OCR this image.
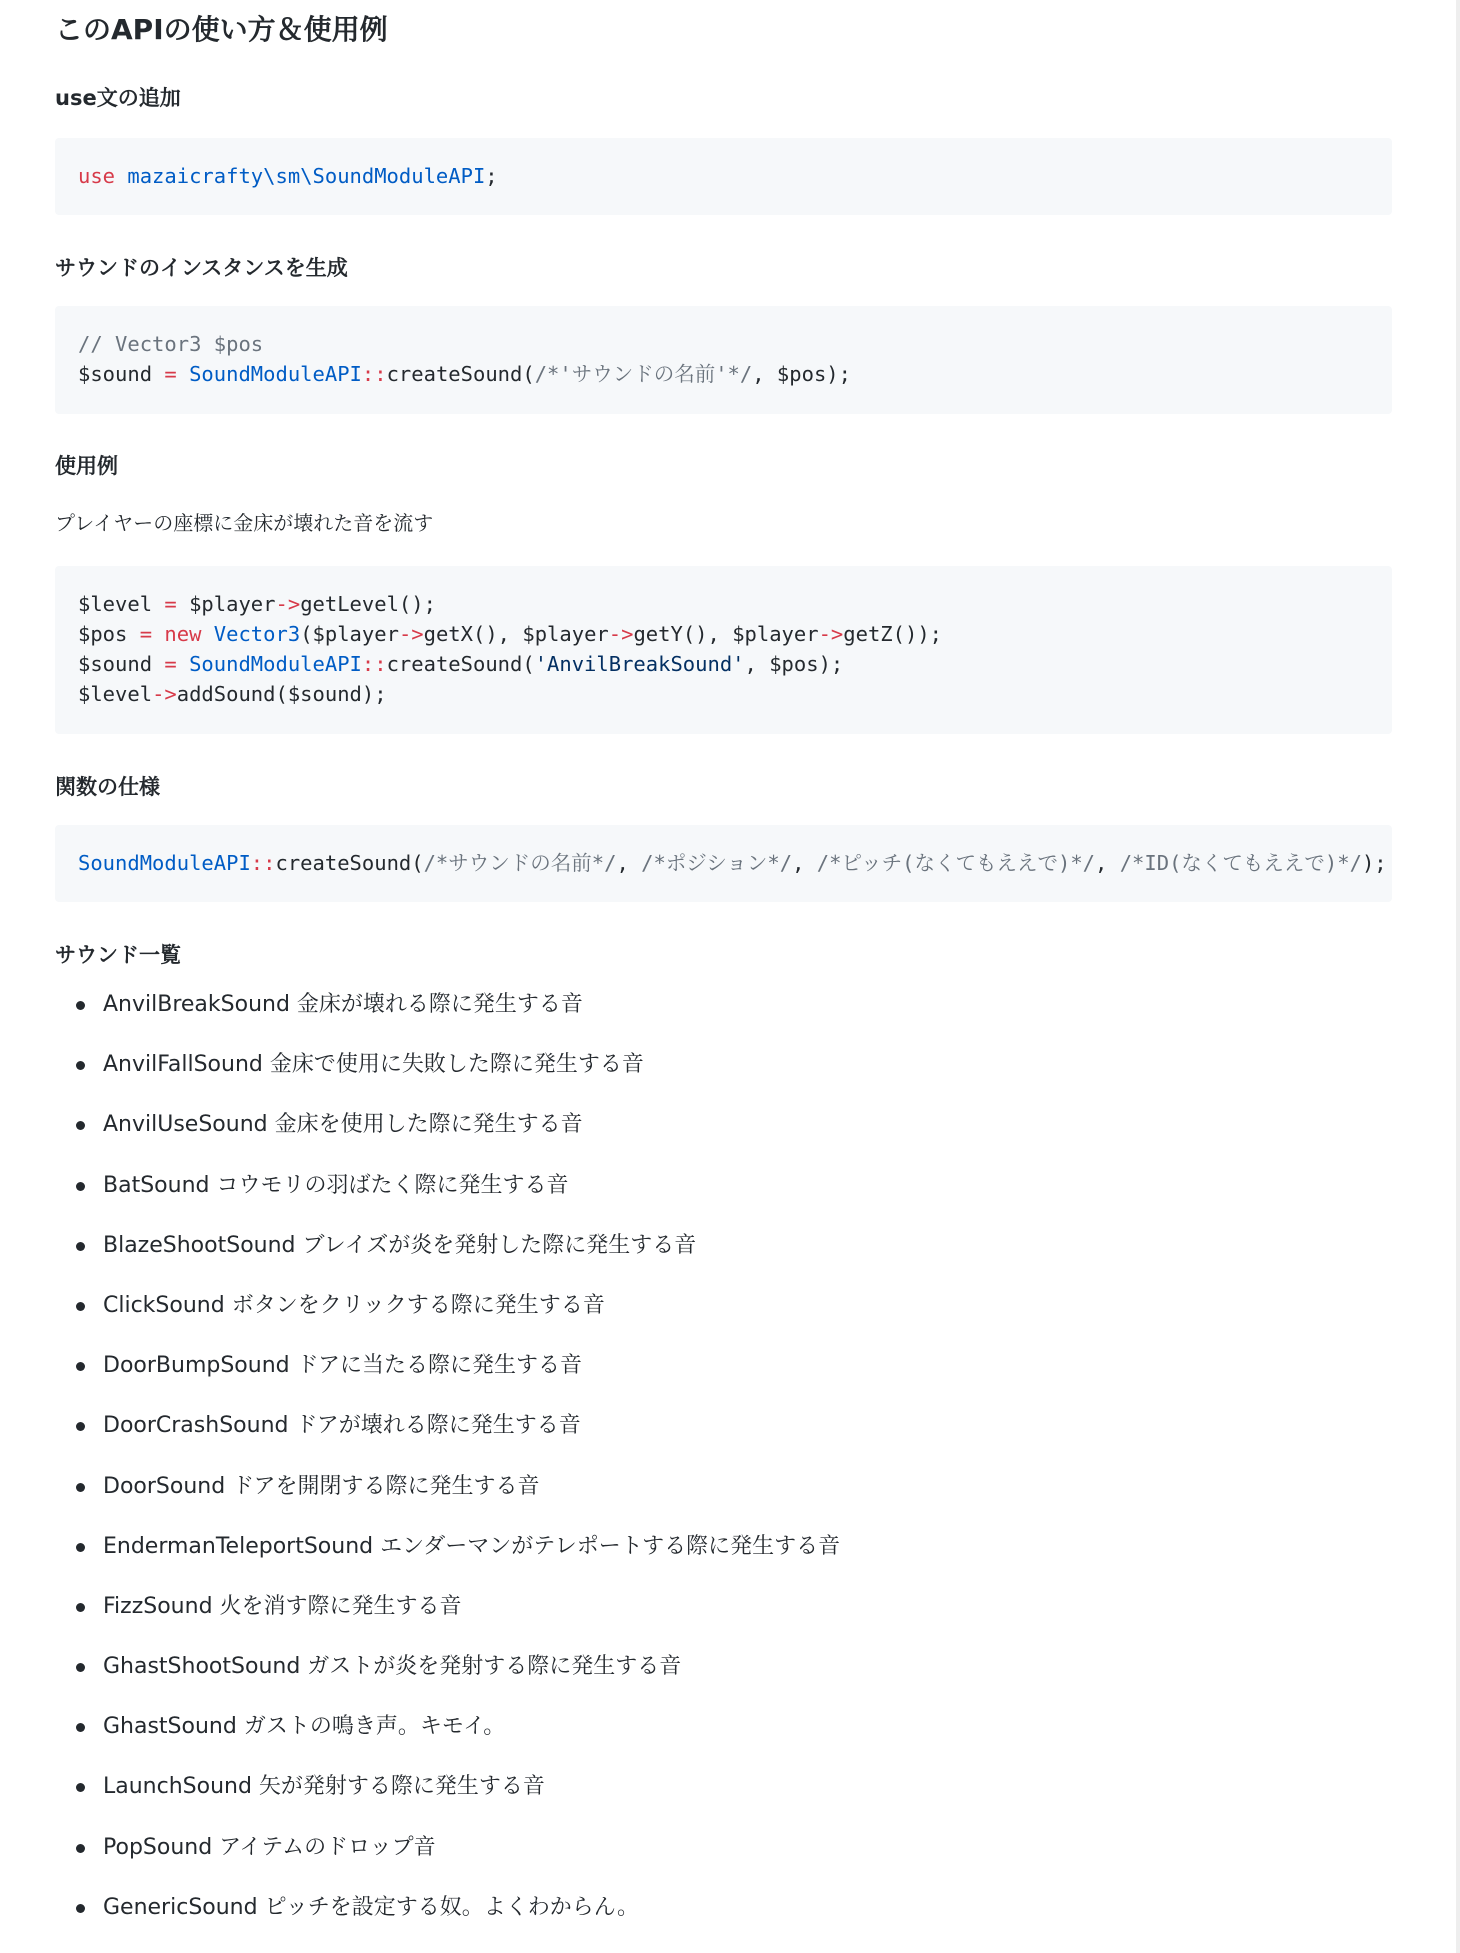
このAPIの使い方＆使用例
use文の追加
use mazaicrafty\sm\SoundModuleAPI;
サウンドのインスタンスを生成
// Vector3 $pos
$sound = SoundModuleAPI::createSound(/*'サウンドの名前'*/, $pos);
使用例

プレイヤーの座標に金床が壊れた音を流す

$level = $player->getLevel();
$pos = new Vector3($player->getX(), $player->getY(), $player->getZ());
$sound = SoundModuleAPI::createSound('AnvilBreakSound', $pos);
$level->addSound($sound);
関数の仕様
SoundModuleAPI::createSound(/*サウンドの名前*/, /*ポジション*/, /*ピッチ(なくてもええで)*/, /*ID(なくてもええで)*/);
サウンド一覧
AnvilBreakSound 金床が壊れる際に発生する音
AnvilFallSound 金床で使用に失敗した際に発生する音
AnvilUseSound 金床を使用した際に発生する音
BatSound コウモリの羽ばたく際に発生する音
BlazeShootSound ブレイズが炎を発射した際に発生する音
ClickSound ボタンをクリックする際に発生する音
DoorBumpSound ドアに当たる際に発生する音
DoorCrashSound ドアが壊れる際に発生する音
DoorSound ドアを開閉する際に発生する音
EndermanTeleportSound エンダーマンがテレポートする際に発生する音
FizzSound 火を消す際に発生する音
GhastShootSound ガストが炎を発射する際に発生する音
GhastSound ガストの鳴き声。キモイ。
LaunchSound 矢が発射する際に発生する音
PopSound アイテムのドロップ音
GenericSound ピッチを設定する奴。よくわからん。
